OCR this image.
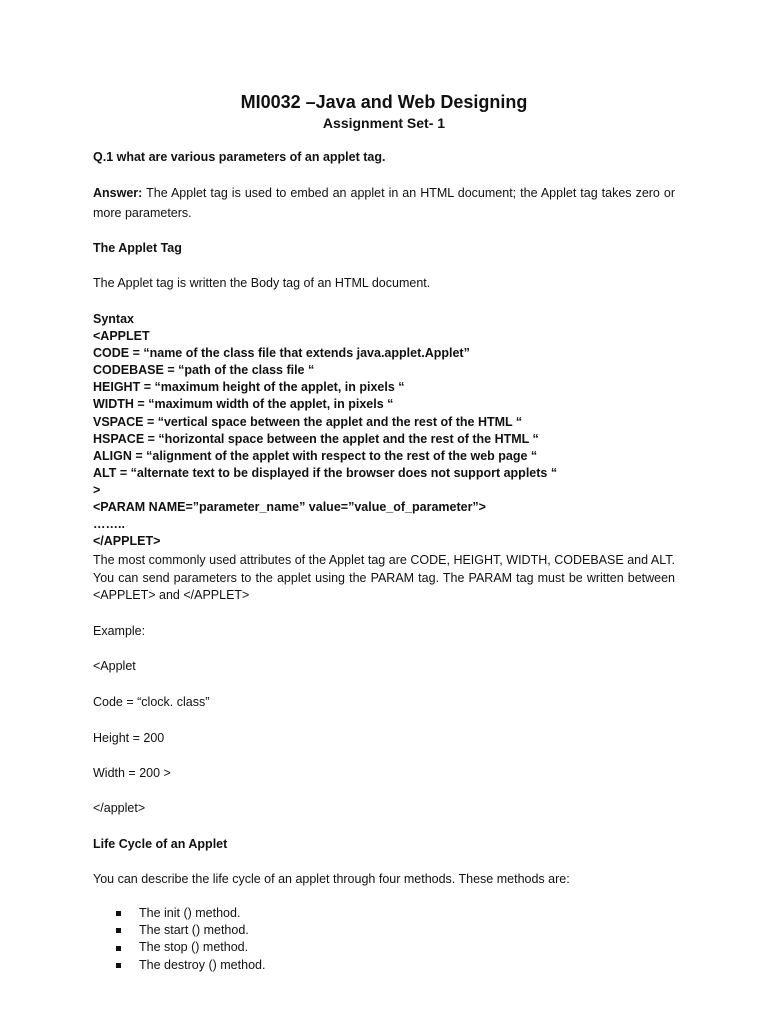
MI0032 –Java and Web Designing
Assignment Set- 1

Q.1 what are various parameters of an applet tag.

Answer: The Applet tag is used to embed an applet in an HTML document; the Applet tag takes zero or more parameters.

The Applet Tag

The Applet tag is written the Body tag of an HTML document.

Syntax
<APPLET
CODE = “name of the class file that extends java.applet.Applet”
CODEBASE = “path of the class file “
HEIGHT = “maximum height of the applet, in pixels “
WIDTH = “maximum width of the applet, in pixels “
VSPACE = “vertical space between the applet and the rest of the HTML “
HSPACE = “horizontal space between the applet and the rest of the HTML “
ALIGN = “alignment of the applet with respect to the rest of the web page “
ALT = “alternate text to be displayed if the browser does not support applets “
>
<PARAM NAME=”parameter_name” value=”value_of_parameter”>
……..
</APPLET>

The most commonly used attributes of the Applet tag are CODE, HEIGHT, WIDTH, CODEBASE and ALT. You can send parameters to the applet using the PARAM tag. The PARAM tag must be written between <APPLET> and </APPLET>

Example:

<Applet

Code = “clock. class”

Height = 200

Width = 200 >

</applet>

Life Cycle of an Applet

You can describe the life cycle of an applet through four methods. These methods are:

The init () method.
The start () method.
The stop () method.
The destroy () method.
